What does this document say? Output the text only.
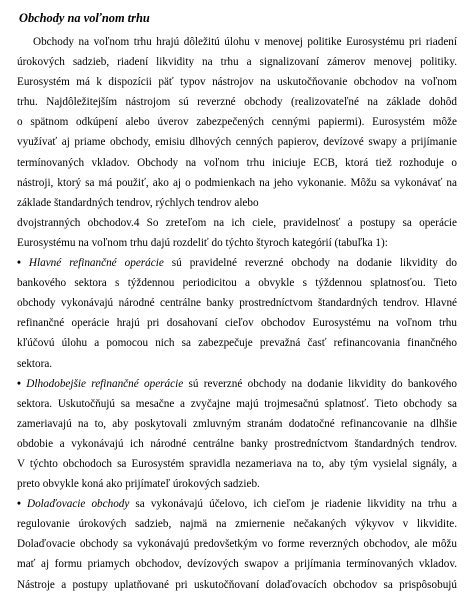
Obchody na voľnom trhu
Obchody na voľnom trhu hrajú dôležitú úlohu v menovej politike Eurosystému pri riadení
úrokových sadzieb, riadení likvidity na trhu a signalizovaní zámerov menovej politiky.
Eurosystém má k dispozícii päť typov nástrojov na uskutočňovanie obchodov na voľnom
trhu. Najdôležitejším nástrojom sú reverzné obchody (realizovateľné na základe dohôd
o spätnom odkúpení alebo úverov zabezpečených cennými papiermi). Eurosystém môže
využívať aj priame obchody, emisiu dlhových cenných papierov, devízové swapy a prijímanie
termínovaných vkladov. Obchody na voľnom trhu iniciuje ECB, ktorá tiež rozhoduje o
nástroji, ktorý sa má použiť, ako aj o podmienkach na jeho vykonanie. Môžu sa vykonávať na
základe štandardných tendrov, rýchlych tendrov alebo
dvojstranných obchodov.4 So zreteľom na ich ciele, pravidelnosť a postupy sa operácie
Eurosystému na voľnom trhu dajú rozdeliť do týchto štyroch kategórií (tabuľka 1):
• Hlavné refinančné operácie sú pravidelné reverzné obchody na dodanie likvidity do
bankového sektora s týždennou periodicitou a obvykle s týždennou splatnosťou. Tieto
obchody vykonávajú národné centrálne banky prostredníctvom štandardných tendrov. Hlavné
refinančné operácie hrajú pri dosahovaní cieľov obchodov Eurosystému na voľnom trhu
kľúčovú úlohu a pomocou nich sa zabezpečuje prevažná časť refinancovania finančného
sektora.
• Dlhodobejšie refinančné operácie sú reverzné obchody na dodanie likvidity do bankového
sektora. Uskutočňujú sa mesačne a zvyčajne majú trojmesačnú splatnosť. Tieto obchody sa
zameriavajú na to, aby poskytovali zmluvným stranám dodatočné refinancovanie na dlhšie
obdobie a vykonávajú ich národné centrálne banky prostredníctvom štandardných tendrov.
V týchto obchodoch sa Eurosystém spravidla nezameriava na to, aby tým vysielal signály, a
preto obvykle koná ako prijímateľ úrokových sadzieb.
• Dolaďovacie obchody sa vykonávajú účelovo, ich cieľom je riadenie likvidity na trhu a
regulovanie úrokových sadzieb, najmä na zmiernenie nečakaných výkyvov v likvidite.
Dolaďovacie obchody sa vykonávajú predovšetkým vo forme reverzných obchodov, ale môžu
mať aj formu priamych obchodov, devízových swapov a prijímania termínovaných vkladov.
Nástroje a postupy uplatňované pri uskutočňovaní dolaďovacích obchodov sa prispôsobujú
